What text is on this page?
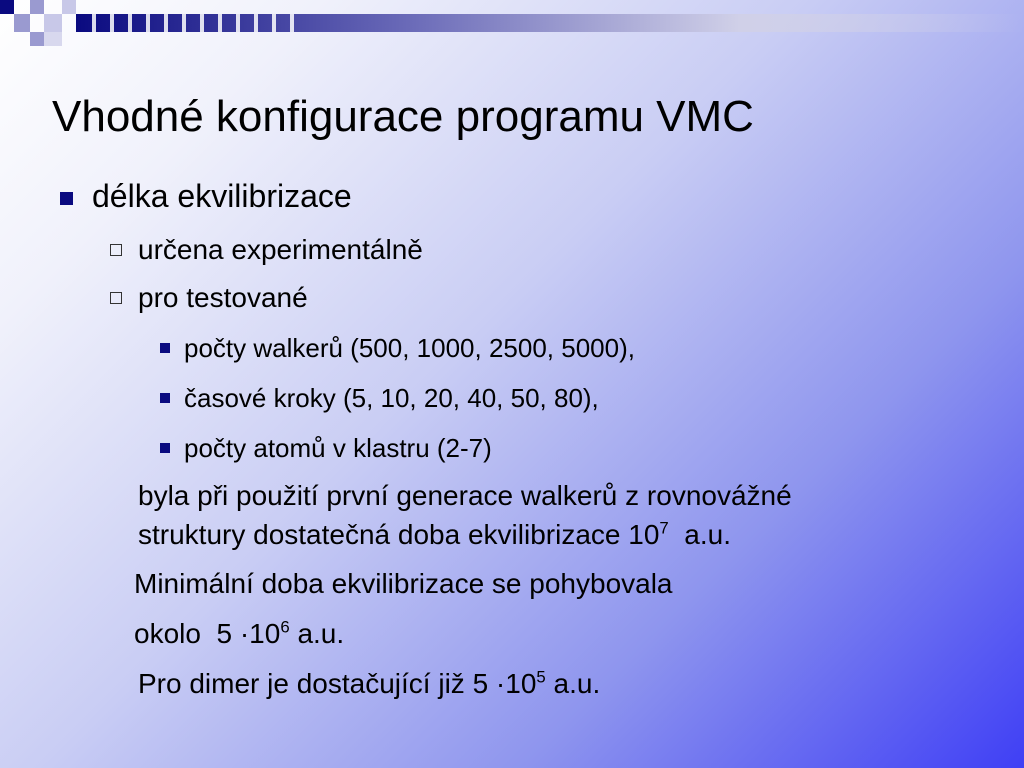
Vhodné konfigurace programu VMC
délka ekvilibrizace
určena experimentálně
pro testované
počty walkerů (500, 1000, 2500, 5000),
časové kroky (5, 10, 20, 40, 50, 80),
počty atomů v klastru (2-7)
byla při použití první generace walkerů z rovnovážné
struktury dostatečná doba ekvilibrizace $10^7$  a.u.
Minimální doba ekvilibrizace se pohybovala
okolo  $5 \cdot 10^6$ a.u.
Pro dimer je dostačující již $5 \cdot 10^5$ a.u.
